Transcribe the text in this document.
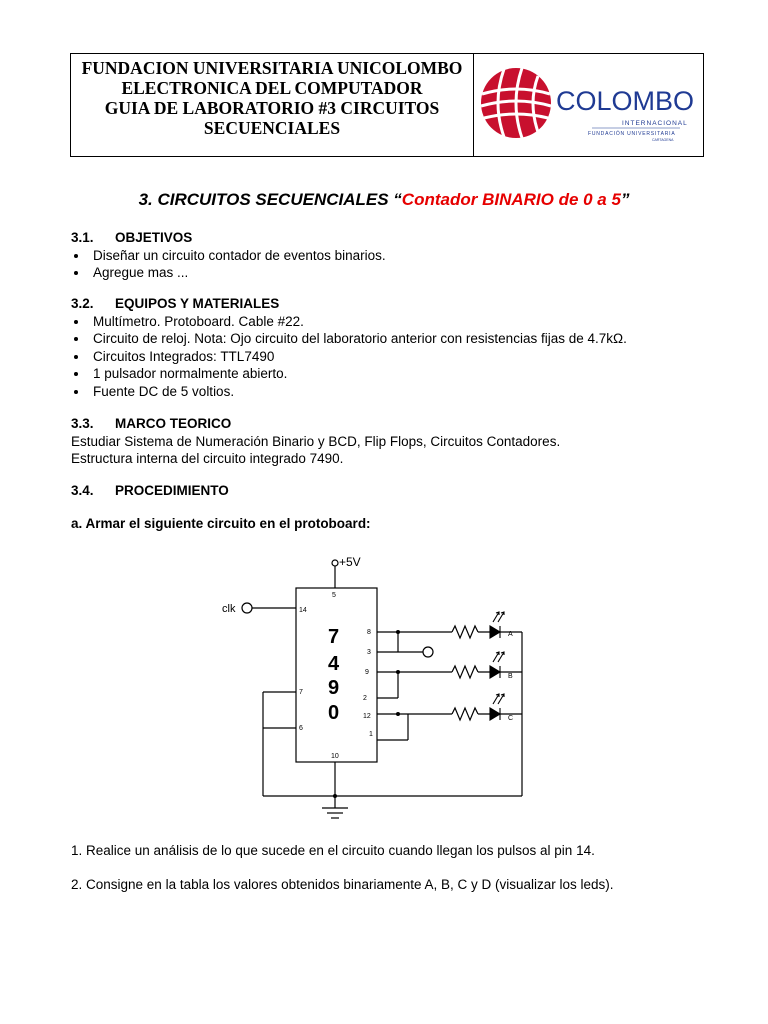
FUNDACION UNIVERSITARIA UNICOLOMBO
ELECTRONICA DEL COMPUTADOR
GUIA DE LABORATORIO #3 CIRCUITOS
SECUENCIALES
COLOMBO
INTERNACIONAL
FUNDACIÓN UNIVERSITARIA
CARTAGENA
3. CIRCUITOS SECUENCIALES “Contador BINARIO de 0 a 5”
3.1. OBJETIVOS
Diseñar un circuito contador de eventos binarios.
Agregue mas ...
3.2. EQUIPOS Y MATERIALES
Multímetro. Protoboard. Cable #22.
Circuito de reloj. Nota: Ojo circuito del laboratorio anterior con resistencias fijas de 4.7kΩ.
Circuitos Integrados: TTL7490
1 pulsador normalmente abierto.
Fuente DC de 5 voltios.
3.3. MARCO TEORICO
Estudiar Sistema de Numeración Binario y BCD, Flip Flops, Circuitos Contadores.
Estructura interna del circuito integrado 7490.
3.4. PROCEDIMIENTO
a. Armar el siguiente circuito en el protoboard:
+5V
clk
7
4
9
0
5
14
8
3
9
2
12
1
7
6
10
A
B
C
1. Realice un análisis de lo que sucede en el circuito cuando llegan los pulsos al pin 14.
2. Consigne en la tabla los valores obtenidos binariamente A, B, C y D (visualizar los leds).
